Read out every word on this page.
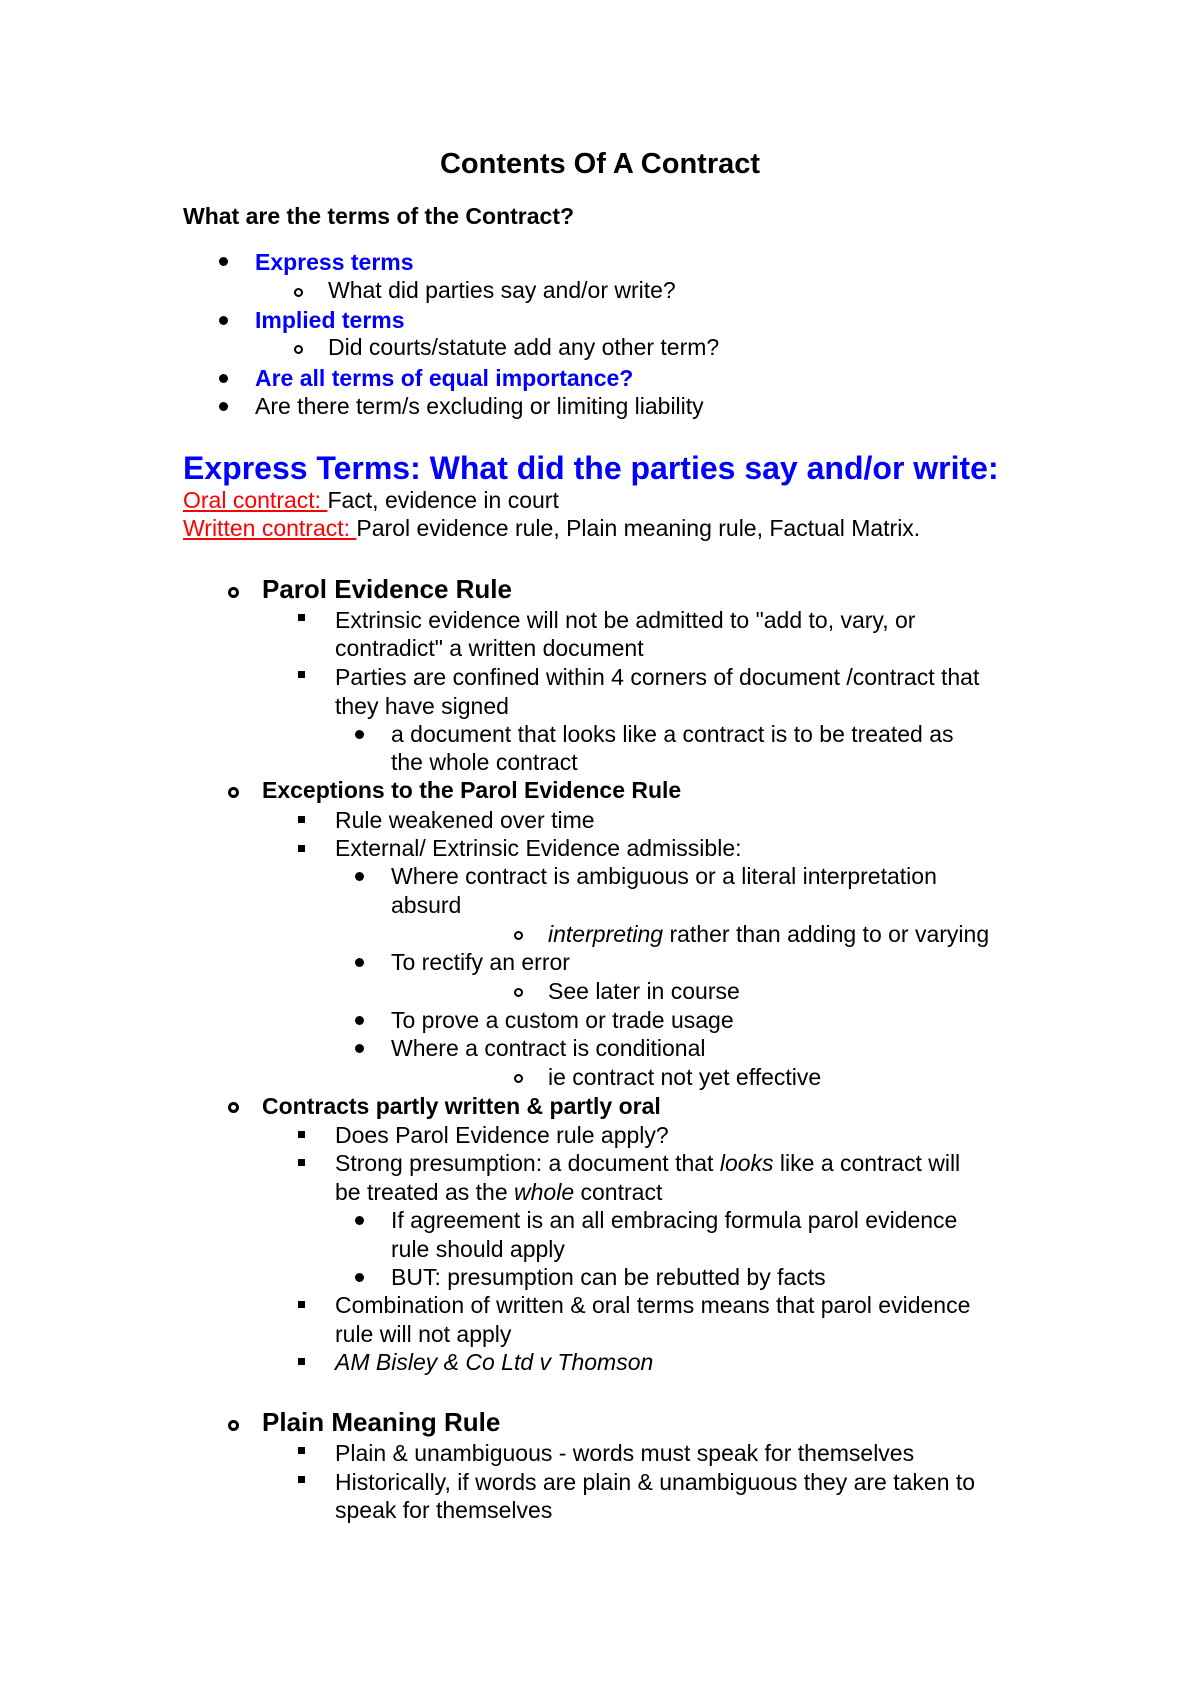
Contents Of A Contract
What are the terms of the Contract?
Express terms
What did parties say and/or write?
Implied terms
Did courts/statute add any other term?
Are all terms of equal importance?
Are there term/s excluding or limiting liability
Express Terms: What did the parties say and/or write:
Oral contract: Fact, evidence in court
Written contract: Parol evidence rule, Plain meaning rule, Factual Matrix.
Parol Evidence Rule
Extrinsic evidence will not be admitted to "add to, vary, or
contradict" a written document
Parties are confined within 4 corners of document /contract that
they have signed
a document that looks like a contract is to be treated as
the whole contract
Exceptions to the Parol Evidence Rule
Rule weakened over time
External/ Extrinsic Evidence admissible:
Where contract is ambiguous or a literal interpretation
absurd
interpreting rather than adding to or varying
To rectify an error
See later in course
To prove a custom or trade usage
Where a contract is conditional
ie contract not yet effective
Contracts partly written & partly oral
Does Parol Evidence rule apply?
Strong presumption: a document that looks like a contract will
be treated as the whole contract
If agreement is an all embracing formula parol evidence
rule should apply
BUT: presumption can be rebutted by facts
Combination of written & oral terms means that parol evidence
rule will not apply
AM Bisley & Co Ltd v Thomson
Plain Meaning Rule
Plain & unambiguous - words must speak for themselves
Historically, if words are plain & unambiguous they are taken to
speak for themselves
